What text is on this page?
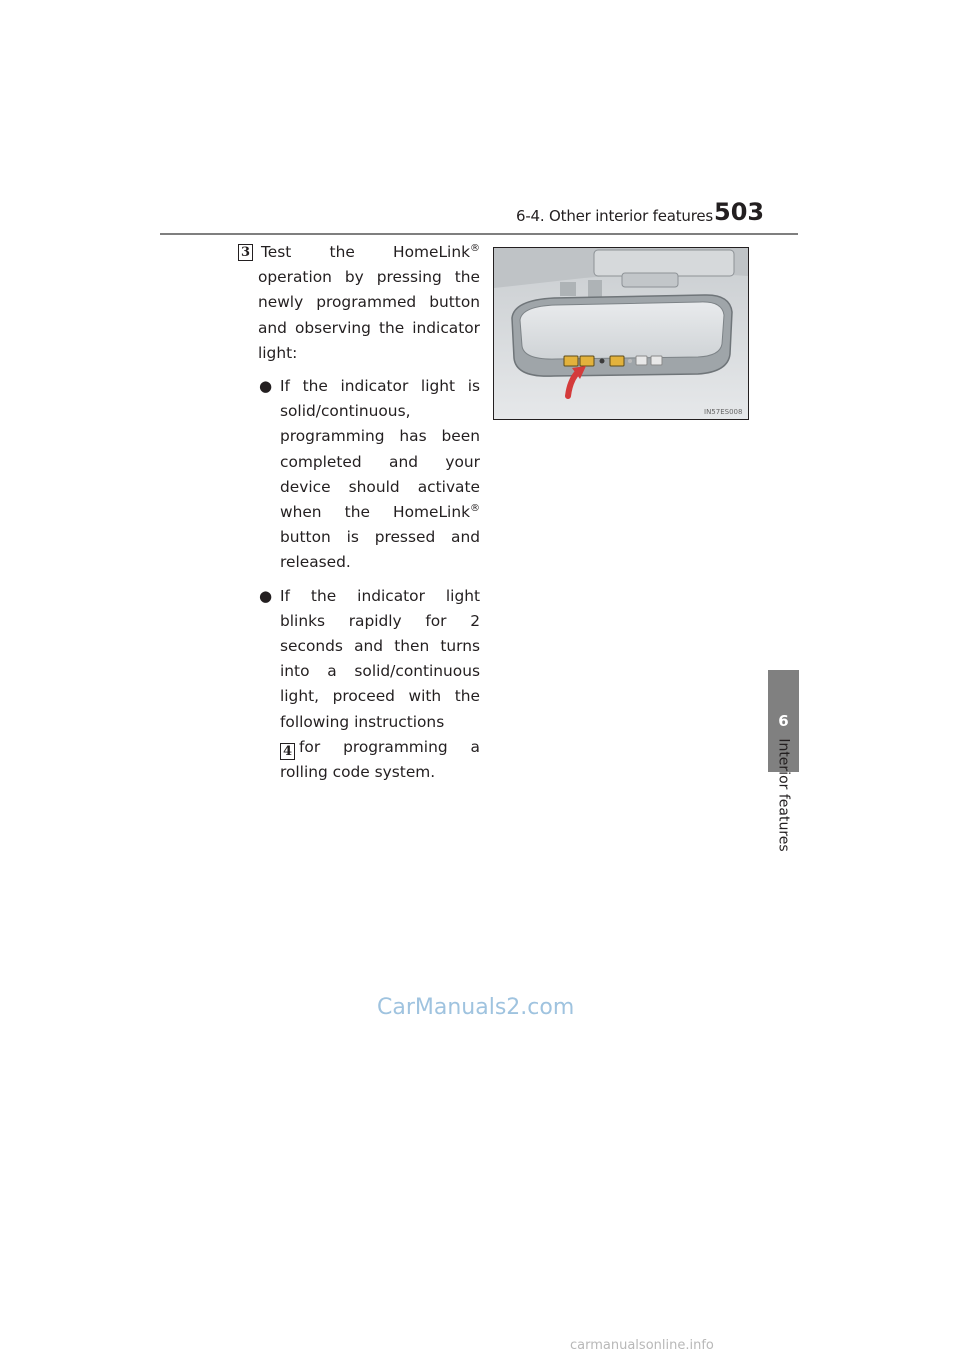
6-4. Other interior features 503
6
Interior features
3 Test the HomeLink® operation by pressing the newly programmed button and observing the indicator light:

● If the indicator light is solid/continuous, programming has been completed and your device should activate when the HomeLink® button is pressed and released.
● If the indicator light blinks rapidly for 2 seconds and then turns into a solid/continuous light, proceed with the following instructions
4 for programming a rolling code system.
IN57ES008
CarManuals2.com
carmanualsonline.info
